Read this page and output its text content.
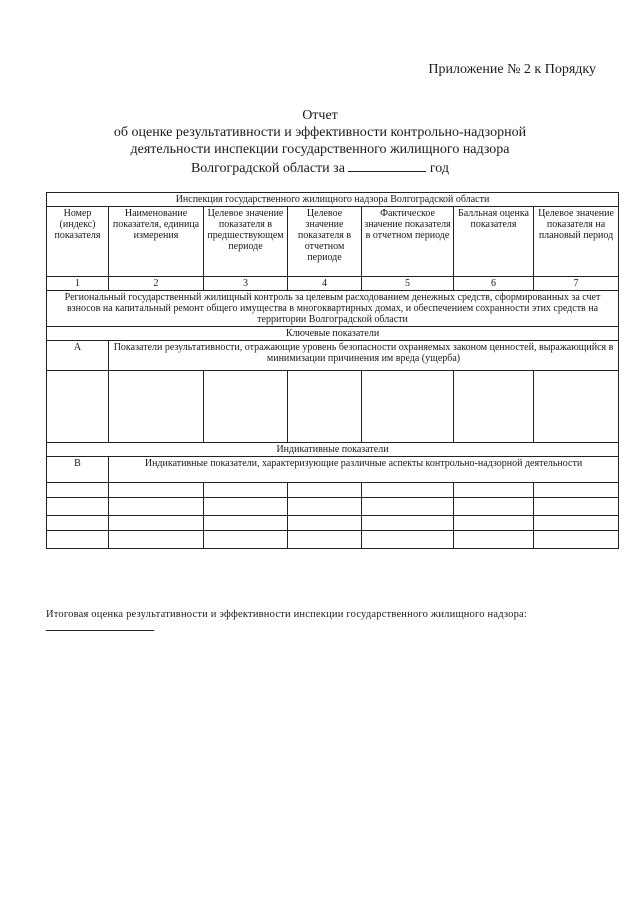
Приложение № 2 к Порядку
Отчет
об оценке результативности и эффективности контрольно-надзорной
деятельности инспекции государственного жилищного надзора
Волгоградской области за	год
Инспекция государственного жилищного надзора Волгоградской области						
Номер (индекс) показателя	Наименование показателя, единица измерения	Целевое значение показателя в предшествующем периоде	Целевое значение показателя в отчетном периоде	Фактическое значение показателя в отчетном периоде	Балльная оценка показателя	Целевое значение показателя на плановый период
1	2	3	4	5	6	7
Региональный государственный жилищный контроль за целевым расходованием денежных средств, сформированных за счет взносов на капитальный ремонт общего имущества в многоквартирных домах, и обеспечением сохранности этих средств на территории Волгоградской области						
Ключевые показатели						
А	Показатели результативности, отражающие уровень безопасности охраняемых законом ценностей, выражающийся в минимизации причинения им вреда (ущерба)					

Индикативные показатели						
В	Индикативные показатели, характеризующие различные аспекты контрольно-надзорной деятельности					

Итоговая оценка результативности и эффективности инспекции государственного жилищного надзора:
